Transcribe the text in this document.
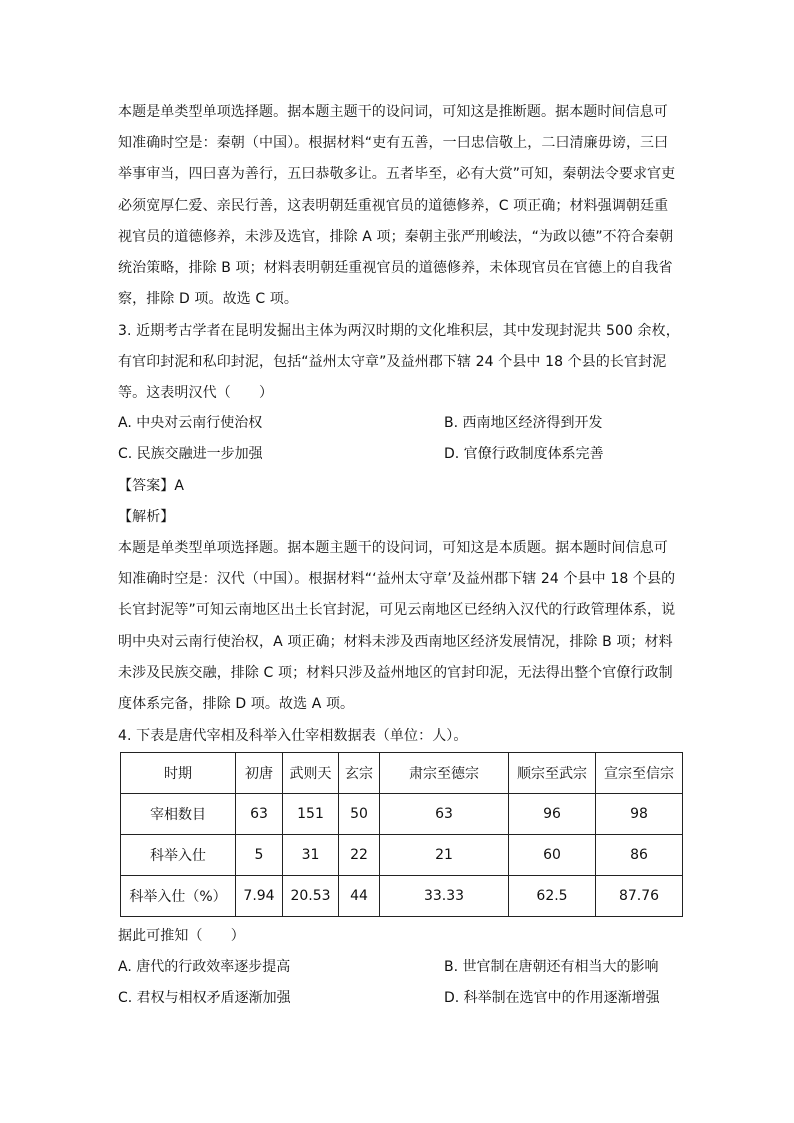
本题是单类型单项选择题。据本题主题干的设问词，可知这是推断题。据本题时间信息可
知准确时空是：秦朝（中国）。根据材料“吏有五善，一曰忠信敬上，二曰清廉毋谤，三曰
举事审当，四曰喜为善行，五曰恭敬多让。五者毕至，必有大赏”可知，秦朝法令要求官吏
必须宽厚仁爱、亲民行善，这表明朝廷重视官员的道德修养，C 项正确；材料强调朝廷重
视官员的道德修养，未涉及选官，排除 A 项；秦朝主张严刑峻法，“为政以德”不符合秦朝
统治策略，排除 B 项；材料表明朝廷重视官员的道德修养，未体现官员在官德上的自我省
察，排除 D 项。故选 C 项。
3. 近期考古学者在昆明发掘出主体为两汉时期的文化堆积层，其中发现封泥共 500 余枚，
有官印封泥和私印封泥，包括“益州太守章”及益州郡下辖 24 个县中 18 个县的长官封泥
等。这表明汉代（　　）
A. 中央对云南行使治权	B. 西南地区经济得到开发
C. 民族交融进一步加强	D. 官僚行政制度体系完善
【答案】A
【解析】
本题是单类型单项选择题。据本题主题干的设问词，可知这是本质题。据本题时间信息可
知准确时空是：汉代（中国）。根据材料“‘益州太守章’及益州郡下辖 24 个县中 18 个县的
长官封泥等”可知云南地区出土长官封泥，可见云南地区已经纳入汉代的行政管理体系，说
明中央对云南行使治权，A 项正确；材料未涉及西南地区经济发展情况，排除 B 项；材料
未涉及民族交融，排除 C 项；材料只涉及益州地区的官封印泥，无法得出整个官僚行政制
度体系完备，排除 D 项。故选 A 项。
4. 下表是唐代宰相及科举入仕宰相数据表（单位：人）。
时期	初唐	武则天	玄宗	肃宗至德宗	顺宗至武宗	宣宗至信宗
宰相数目	63	151	50	63	96	98
科举入仕	5	31	22	21	60	86
科举入仕（%）	7.94	20.53	44	33.33	62.5	87.76
据此可推知（　　）
A. 唐代的行政效率逐步提高	B. 世官制在唐朝还有相当大的影响
C. 君权与相权矛盾逐渐加强	D. 科举制在选官中的作用逐渐增强
